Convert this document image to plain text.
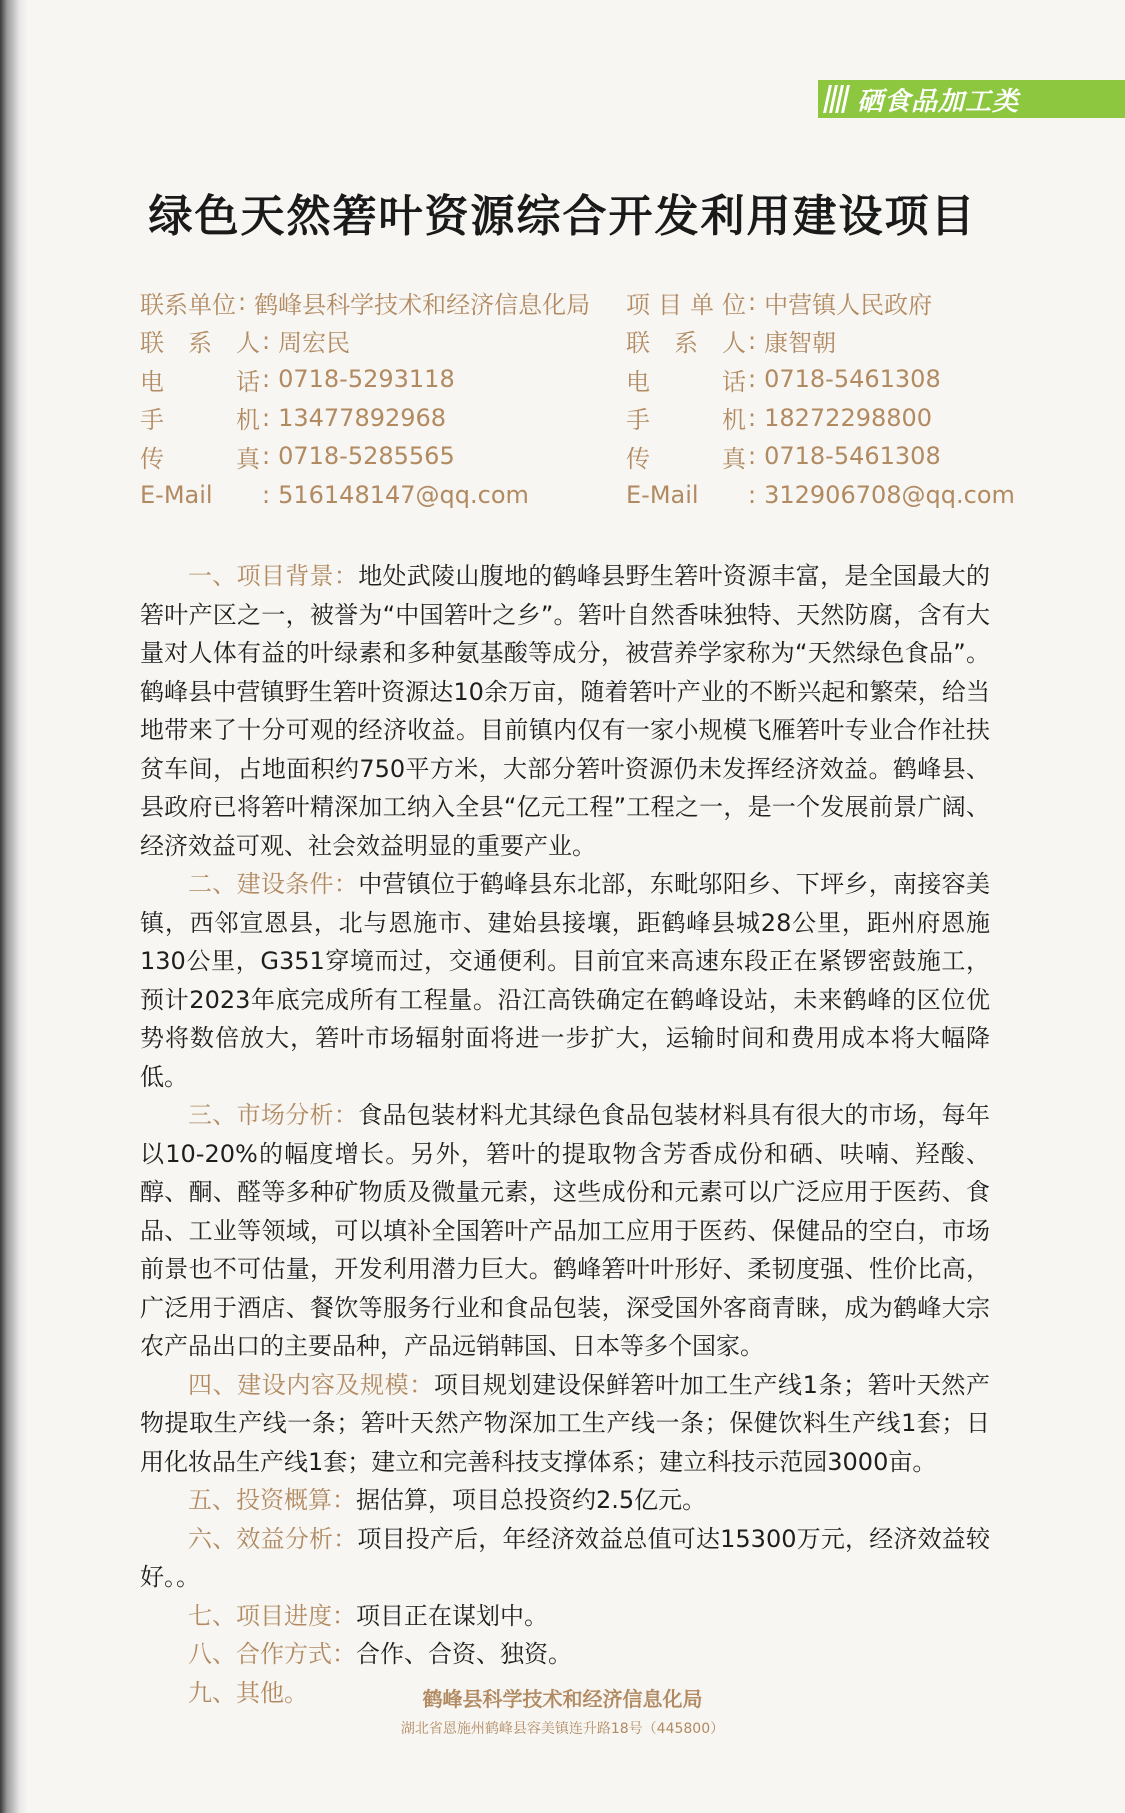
硒食品加工类
绿色天然箬叶资源综合开发利用建设项目
联系单位 : 鹤峰县科学技术和经济信息化局
联 系 人 : 周宏民
电　　话 : 0718-5293118
手　　机 : 13477892968
传　　真 : 0718-5285565
E-Mail	: 516148147@qq.com
项目单位 : 中营镇人民政府
联 系 人 : 康智朝
电　　话 : 0718-5461308
手　　机 : 18272298800
传　　真 : 0718-5461308
E-Mail	: 312906708@qq.com

一、项目背景：地处武陵山腹地的鹤峰县野生箬叶资源丰富，是全国最大的箬叶产区之一，被誉为“中国箬叶之乡”。箬叶自然香味独特、天然防腐，含有大量对人体有益的叶绿素和多种氨基酸等成分，被营养学家称为“天然绿色食品”。鹤峰县中营镇野生箬叶资源达10余万亩，随着箬叶产业的不断兴起和繁荣，给当地带来了十分可观的经济收益。目前镇内仅有一家小规模飞雁箬叶专业合作社扶贫车间，占地面积约750平方米，大部分箬叶资源仍未发挥经济效益。鹤峰县、县政府已将箬叶精深加工纳入全县“亿元工程”工程之一，是一个发展前景广阔、经济效益可观、社会效益明显的重要产业。

二、建设条件：中营镇位于鹤峰县东北部，东毗邬阳乡、下坪乡，南接容美镇，西邻宣恩县，北与恩施市、建始县接壤，距鹤峰县城28公里，距州府恩施130公里，G351穿境而过，交通便利。目前宜来高速东段正在紧锣密鼓施工，预计2023年底完成所有工程量。沿江高铁确定在鹤峰设站，未来鹤峰的区位优势将数倍放大，箬叶市场辐射面将进一步扩大，运输时间和费用成本将大幅降低。

三、市场分析：食品包装材料尤其绿色食品包装材料具有很大的市场，每年以10-20%的幅度增长。另外，箬叶的提取物含芳香成份和硒、呋喃、羟酸、醇、酮、醛等多种矿物质及微量元素，这些成份和元素可以广泛应用于医药、食品、工业等领域，可以填补全国箬叶产品加工应用于医药、保健品的空白，市场前景也不可估量，开发利用潜力巨大。鹤峰箬叶叶形好、柔韧度强、性价比高，广泛用于酒店、餐饮等服务行业和食品包装，深受国外客商青睐，成为鹤峰大宗农产品出口的主要品种，产品远销韩国、日本等多个国家。

四、建设内容及规模：项目规划建设保鲜箬叶加工生产线1条；箬叶天然产物提取生产线一条；箬叶天然产物深加工生产线一条；保健饮料生产线1套；日用化妆品生产线1套；建立和完善科技支撑体系；建立科技示范园3000亩。

五、投资概算：据估算，项目总投资约2.5亿元。

六、效益分析：项目投产后，年经济效益总值可达15300万元，经济效益较好。。

七、项目进度：项目正在谋划中。

八、合作方式：合作、合资、独资。

九、其他。	鹤峰县科学技术和经济信息化局
湖北省恩施州鹤峰县容美镇连升路18号（445800）
